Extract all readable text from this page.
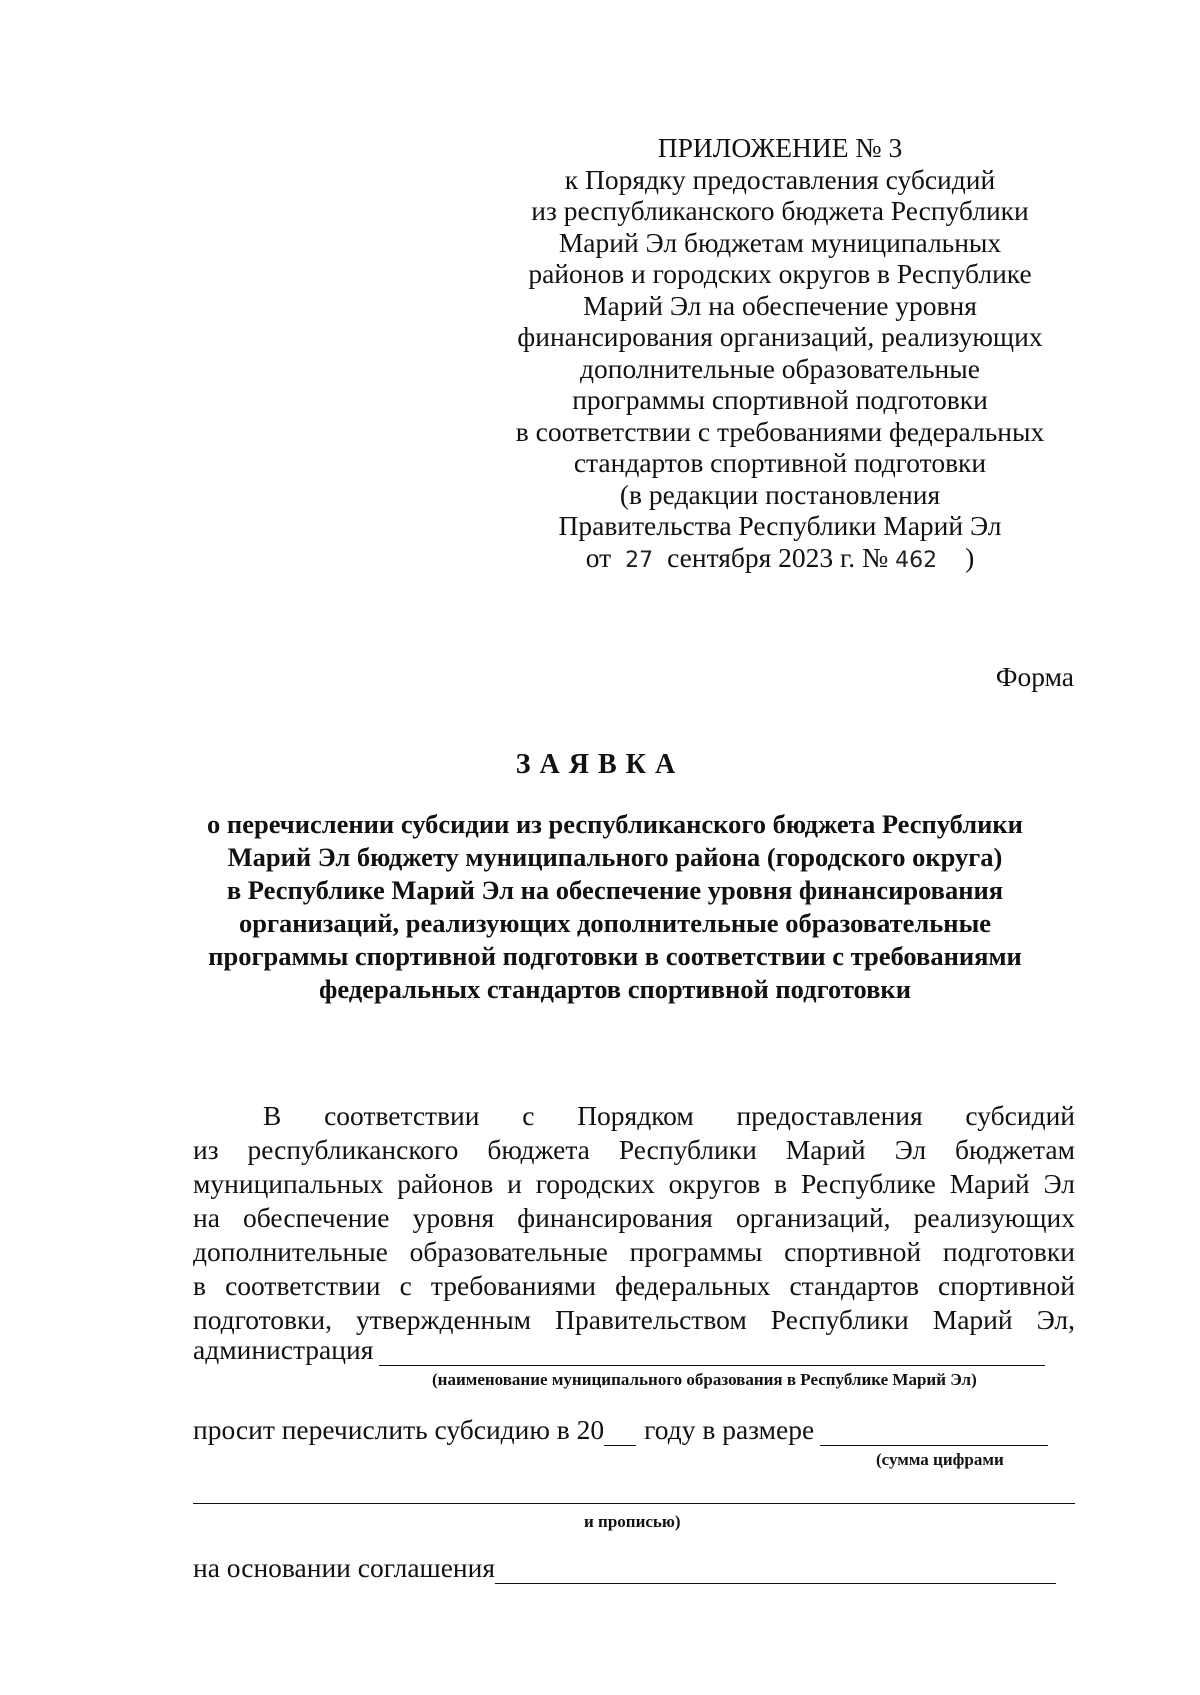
ПРИЛОЖЕНИЕ № 3
к Порядку предоставления субсидий
из республиканского бюджета Республики
Марий Эл бюджетам муниципальных
районов и городских округов в Республике
Марий Эл на обеспечение уровня
финансирования организаций, реализующих
дополнительные образовательные
программы спортивной подготовки
в соответствии с требованиями федеральных
стандартов спортивной подготовки
(в редакции постановления
Правительства Республики Марий Эл
от 27 сентября 2023 г. № 462 )
Форма
ЗАЯВКА
о перечислении субсидии из республиканского бюджета Республики
Марий Эл бюджету муниципального района (городского округа)
в Республике Марий Эл на обеспечение уровня финансирования
организаций, реализующих дополнительные образовательные
программы спортивной подготовки в соответствии с требованиями
федеральных стандартов спортивной подготовки
В соответствии с Порядком предоставления субсидий
из республиканского бюджета Республики Марий Эл бюджетам
муниципальных районов и городских округов в Республике Марий Эл
на обеспечение уровня финансирования организаций, реализующих
дополнительные образовательные программы спортивной подготовки
в соответствии с требованиями федеральных стандартов спортивной
подготовки, утвержденным Правительством Республики Марий Эл,
администрация
(наименование муниципального образования в Республике Марий Эл)
просит перечислить субсидию в 20 году в размере
(сумма цифрами
и прописью)
на основании соглашения
